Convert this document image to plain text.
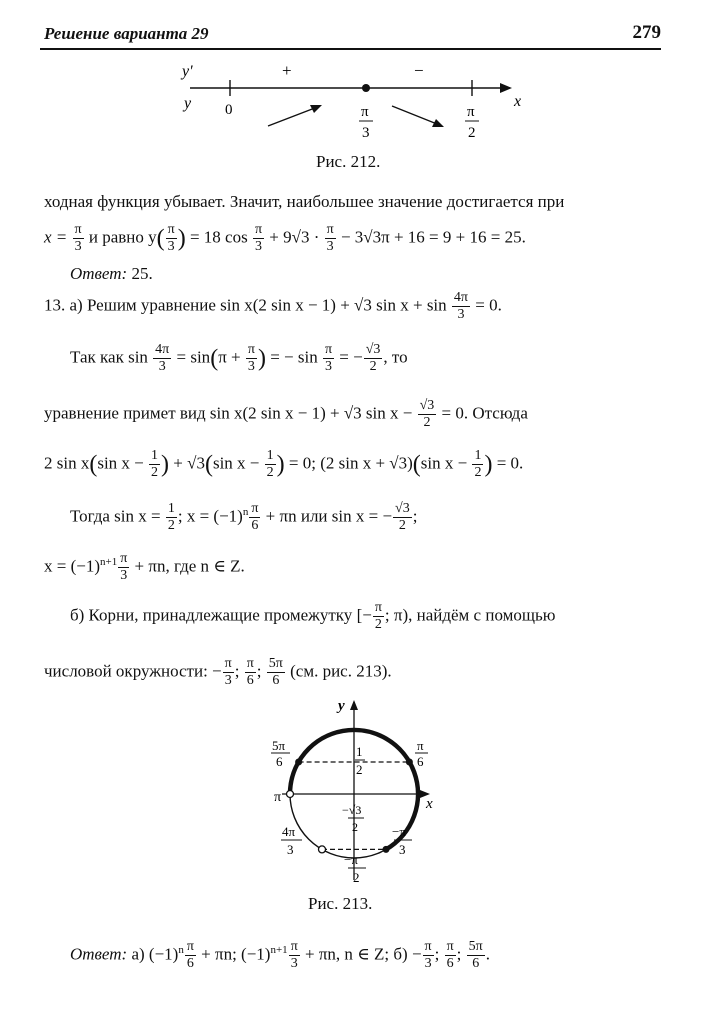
Решение варианта 29	279
y'
y
+	−
x
0	π
3
π
2
Рис. 212.
ходная функция убывает. Значит, наибольшее значение достигается при
$x = \frac{\pi}{3}$ и равно $y( \frac{\pi}{3}$ ) = 18 $\cos \frac{\pi}{3} + 9√3 \cdot \frac{\pi}{3} - 3√3\pi + 16 = 9 + 16 = 25$.
Ответ: 25.
13. а) Решим уравнение sin x(2 sin x − 1) + √3 $\sin x + \sin \frac{4\pi}{3} = 0$.
Так как $\sin \frac{4\pi}{3} = \sin(\pi + \frac{\pi}{3}$ ) = − $\sin \frac{\pi}{3}$ = − $\frac{√3}{2}$ , то
уравнение примет вид sin x(2 sin x − 1) + √3 $\sin x - \frac{√3}{2} = 0$. Отсюда
2 sin x(sin $x - \frac{1}{2}$ ) + √3(sin $x - \frac{1}{2}$ ) = 0; (2 sin x + √3)(sin $x - \frac{1}{2}$ ) = 0.
Тогда $\sin x = \frac{1}{2}$ ; $x = (-1)^n \frac{\pi}{6} + \pi n$ или sin x = − $\frac{√3}{2}$ ;
$x = (-1)^{n+1} \frac{\pi}{3} + \pi n$, где n ∈ Z.
б) Корни, принадлежащие промежутку [− $\frac{\pi}{2}$ ; π), найдём с помощью
числовой окружности: − $\frac{\pi}{3}$ ; $\frac{\pi}{6}$ ; $\frac{5\pi}{6} (см$. рис. 213).
y
x
π
5π
6
π
6
1
2
−√3
2
4π
3
−π
3
−π
2
Рис. 213.
Ответ: а) $(-1)^n \frac{\pi}{6} + \pi n$; $(-1)^{n+1} \frac{\pi}{3} + \pi n$, n ∈ Z; $б) - \frac{\pi}{3}$ ; $\frac{\pi}{6}$ ; $\frac{5\pi}{6}$ .
